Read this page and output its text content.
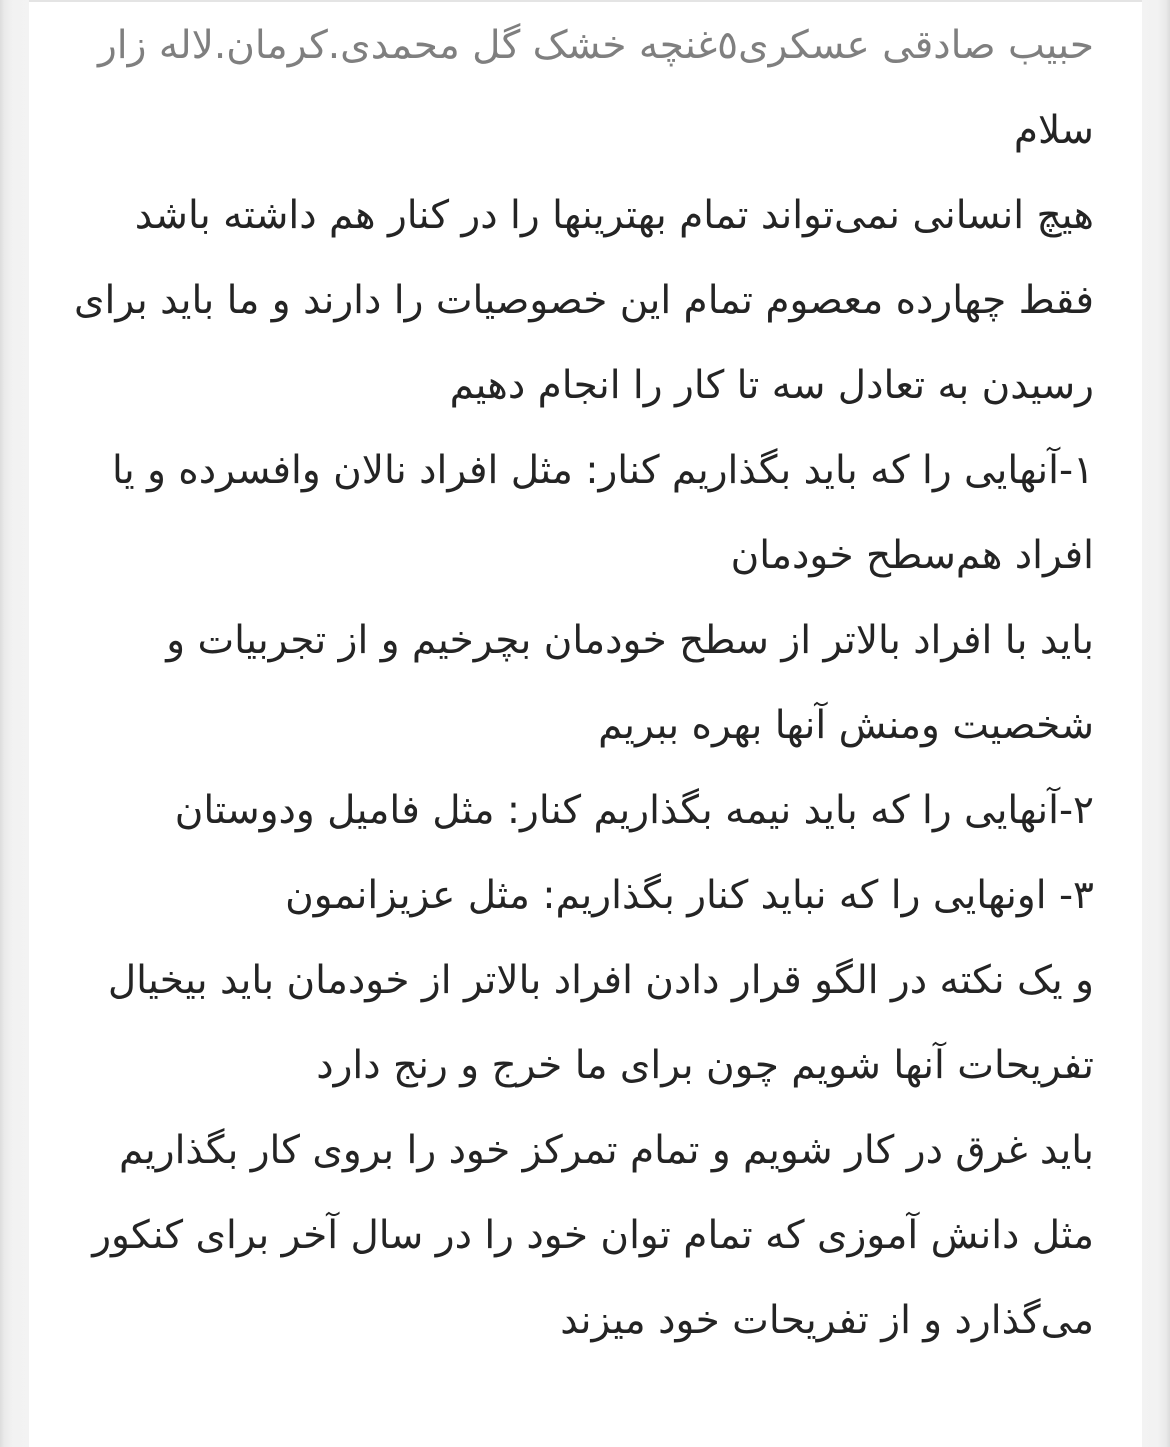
حبیب صادقی عسکری٥غنچه خشک گل محمدی.کرمان.لاله زار

سلام

هیچ انسانی نمی‌تواند تمام بهترینها را در کنار هم داشته باشد

فقط چهارده معصوم تمام این خصوصیات را دارند و ما باید برای رسیدن به تعادل سه تا کار را انجام دهیم

۱-آنهایی را که باید بگذاریم کنار: مثل افراد نالان وافسرده و یا افراد هم‌سطح خودمان

باید با افراد بالاتر از سطح خودمان بچرخیم و از تجربیات و شخصیت ومنش آنها بهره ببریم

۲-آنهایی را که باید نیمه بگذاریم کنار: مثل فامیل ودوستان

۳- اونهایی را که نباید کنار بگذاریم: مثل عزیزانمون

و یک نکته در الگو قرار دادن افراد بالاتر از خودمان باید بیخیال تفریحات آنها شویم چون برای ما خرج و رنج دارد

باید غرق در کار شویم و تمام تمرکز خود را بروی کار بگذاریم مثل دانش آموزی که تمام توان خود را در سال آخر برای کنکور می‌گذارد و از تفریحات خود میزند
